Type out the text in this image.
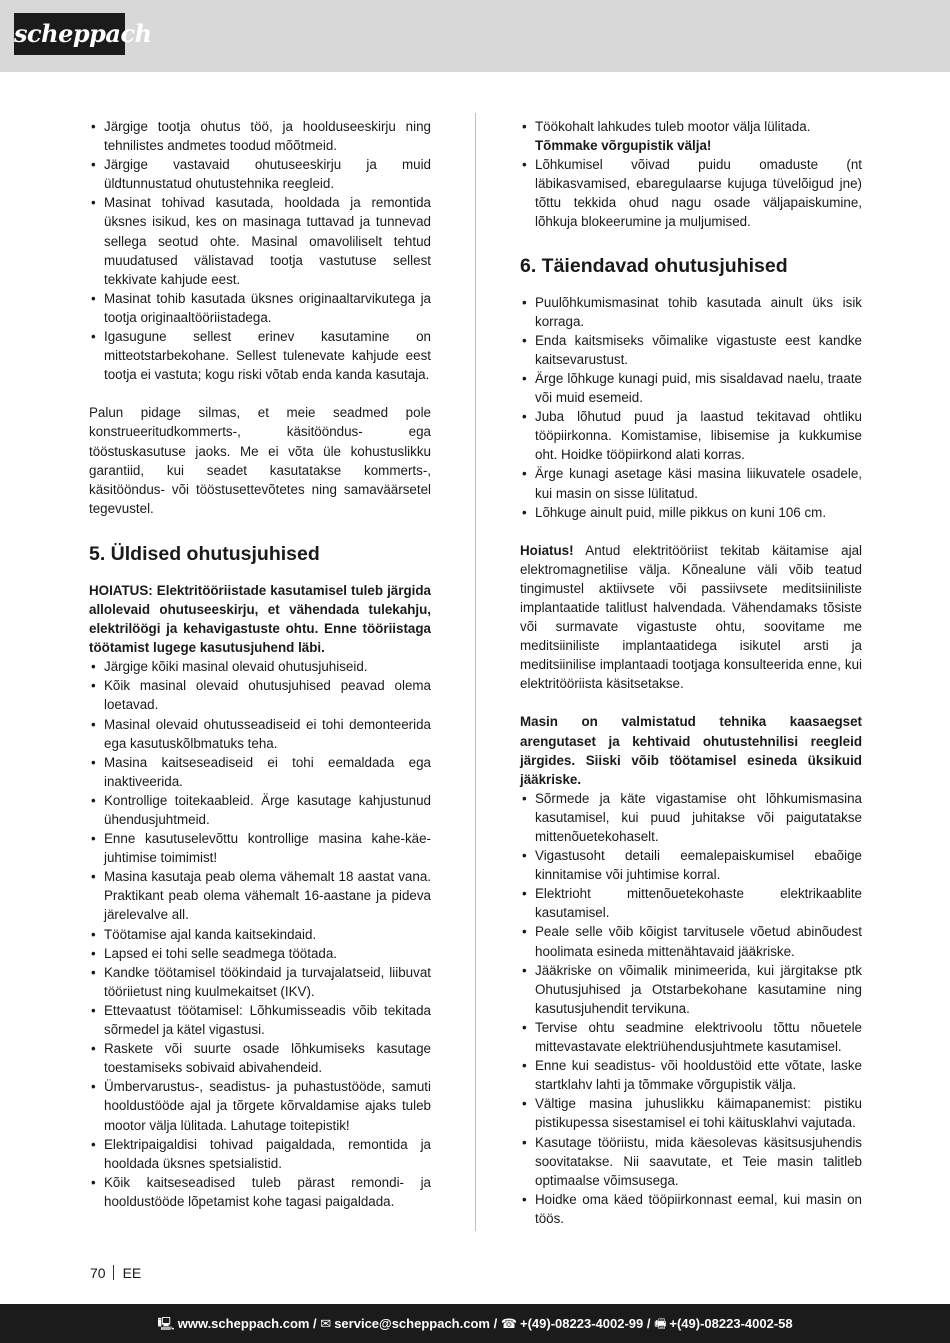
scheppach
• Järgige tootja ohutus töö, ja hoolduseeskirju ning tehnilistes andmetes toodud mõõtmeid.
• Järgige vastavaid ohutuseeskirju ja muid üldtunnustatud ohutustehnika reegleid.
• Masinat tohivad kasutada, hooldada ja remontida üksnes isikud, kes on masinaga tuttavad ja tunnevad sellega seotud ohte. Masinal omavoliliselt tehtud muudatused välistavad tootja vastutuse sellest tekkivate kahjude eest.
• Masinat tohib kasutada üksnes originaaltarvikutega ja tootja originaaltööriistadega.
• Igasugune sellest erinev kasutamine on mitteotstarbekohane. Sellest tulenevate kahjude eest tootja ei vastuta; kogu riski võtab enda kanda kasutaja.

Palun pidage silmas, et meie seadmed pole konstrueeritudkommerts-, käsitööndus- ega tööstuskasutuse jaoks. Me ei võta üle kohustuslikku garantiid, kui seadet kasutatakse kommerts-, käsitööndus- või tööstusettevõtetes ning samaväärsetel tegevustel.

5. Üldised ohutusjuhised

HOIATUS: Elektritööriistade kasutamisel tuleb järgida allolevaid ohutuseeskirju, et vähendada tulekahju, elektrilöögi ja kehavigastuste ohtu. Enne tööriistaga töötamist lugege kasutusjuhend läbi.

• Järgige kõiki masinal olevaid ohutusjuhiseid.
• Kõik masinal olevaid ohutusjuhised peavad olema loetavad.
• Masinal olevaid ohutusseadiseid ei tohi demonteerida ega kasutuskõlbmatuks teha.
• Masina kaitseseadiseid ei tohi eemaldada ega inaktiveerida.
• Kontrollige toitekaableid. Ärge kasutage kahjustunud ühendusjuhtmeid.
• Enne kasutuselevõttu kontrollige masina kahe-käe-juhtimise toimimist!
• Masina kasutaja peab olema vähemalt 18 aastat vana. Praktikant peab olema vähemalt 16-aastane ja pideva järelevalve all.
• Töötamise ajal kanda kaitsekindaid.
• Lapsed ei tohi selle seadmega töötada.
• Kandke töötamisel töökindaid ja turvajalatseid, liibuvat tööriietust ning kuulmekaitset (IKV).
• Ettevaatust töötamisel: Lõhkumisseadis võib tekitada sõrmedel ja kätel vigastusi.
• Raskete või suurte osade lõhkumiseks kasutage toestamiseks sobivaid abivahendeid.
• Ümbervarustus-, seadistus- ja puhastustööde, samuti hooldustööde ajal ja tõrgete kõrvaldamise ajaks tuleb mootor välja lülitada. Lahutage toitepistik!
• Elektripaigaldisi tohivad paigaldada, remontida ja hooldada üksnes spetsialistid.
• Kõik kaitseseadised tuleb pärast remondi- ja hooldustööde lõpetamist kohe tagasi paigaldada.
• Töökohalt lahkudes tuleb mootor välja lülitada.
Tõmmake võrgupistik välja!
• Lõhkumisel võivad puidu omaduste (nt läbikasvamised, ebaregulaarse kujuga tüvelõigud jne) tõttu tekkida ohud nagu osade väljapaiskumine, lõhkuja blokeerumine ja muljumised.
6. Täiendavad ohutusjuhised
• Puulõhkumismasinat tohib kasutada ainult üks isik korraga.
• Enda kaitsmiseks võimalike vigastuste eest kandke kaitsevarustust.
• Ärge lõhkuge kunagi puid, mis sisaldavad naelu, traate või muid esemeid.
• Juba lõhutud puud ja laastud tekitavad ohtliku tööpiirkonna. Komistamise, libisemise ja kukkumise oht. Hoidke tööpiirkond alati korras.
• Ärge kunagi asetage käsi masina liikuvatele osadele, kui masin on sisse lülitatud.
• Lõhkuge ainult puid, mille pikkus on kuni 106 cm.

Hoiatus! Antud elektritööriist tekitab käitamise ajal elektromagnetilise välja. Kõnealune väli võib teatud tingimustel aktiivsete või passiivsete meditsiiniliste implantaatide talitlust halvendada. Vähendamaks tõsiste või surmavate vigastuste ohtu, soovitame me meditsiiniliste implantaatidega isikutel arsti ja meditsiinilise implantaadi tootjaga konsulteerida enne, kui elektritööriista käsitsetakse.

Masin on valmistatud tehnika kaasaegset arengutaset ja kehtivaid ohutustehnilisi reegleid järgides. Siiski võib töötamisel esineda üksikuid jääkriske.

• Sõrmede ja käte vigastamise oht lõhkumismasina kasutamisel, kui puud juhitakse või paigutatakse mittenõuetekohaselt.
• Vigastusoht detaili eemalepaiskumisel ebaõige kinnitamise või juhtimise korral.
• Elektrioht mittenõuetekohaste elektrikaablite kasutamisel.
• Peale selle võib kõigist tarvitusele võetud abinõudest hoolimata esineda mittenähtavaid jääkriske.
• Jääkriske on võimalik minimeerida, kui järgitakse ptk Ohutusjuhised ja Otstarbekohane kasutamine ning kasutusjuhendit tervikuna.
• Tervise ohtu seadmine elektrivoolu tõttu nõuetele mittevastavate elektriühendusjuhtmete kasutamisel.
• Enne kui seadistus- või hooldustöid ette võtate, laske startklahv lahti ja tõmmake võrgupistik välja.
• Vältige masina juhuslikku käimapanemist: pistiku pistikupessa sisestamisel ei tohi käitusklahvi vajutada.
• Kasutage tööriistu, mida käesolevas käsitsusjuhendis soovitatakse. Nii saavutate, et Teie masin talitleb optimaalse võimsusega.
• Hoidke oma käed tööpiirkonnast eemal, kui masin on töös.
70 EE
🖳 www.scheppach.com / ✉ service@scheppach.com / ☎ +(49)-08223-4002-99 / 🖷 +(49)-08223-4002-58
